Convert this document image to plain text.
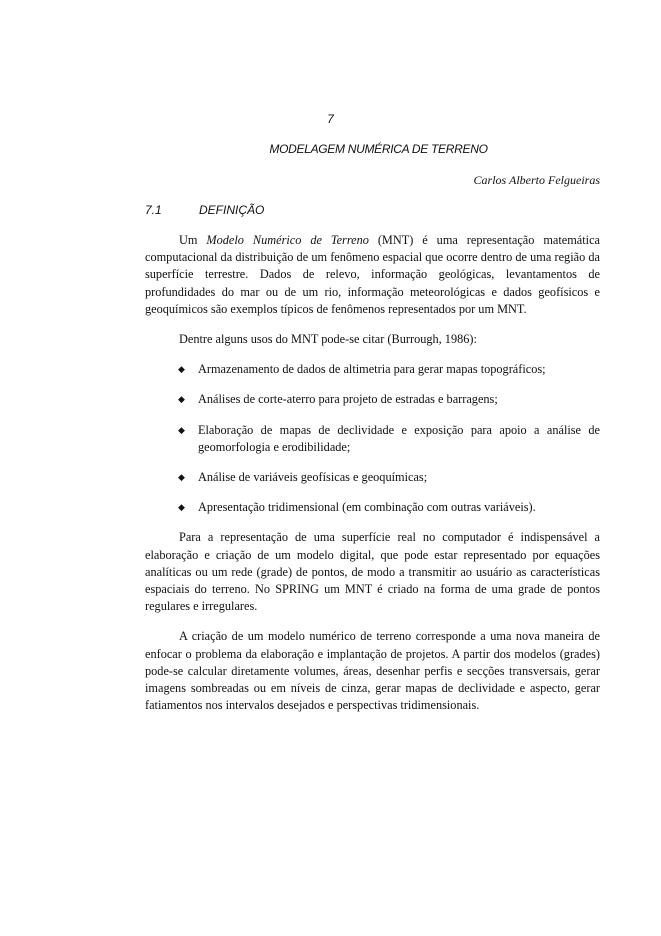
7
MODELAGEM NUMÉRICA DE TERRENO
Carlos Alberto Felgueiras
7.1	DEFINIÇÃO

Um Modelo Numérico de Terreno (MNT) é uma representação matemática computacional da distribuição de um fenômeno espacial que ocorre dentro de uma região da superfície terrestre. Dados de relevo, informação geológicas, levantamentos de profundidades do mar ou de um rio, informação meteorológicas e dados geofísicos e geoquímicos são exemplos típicos de fenômenos representados por um MNT.

Dentre alguns usos do MNT pode-se citar (Burrough, 1986):

◆ Armazenamento de dados de altimetria para gerar mapas topográficos;
◆ Análises de corte-aterro para projeto de estradas e barragens;
◆ Elaboração de mapas de declividade e exposição para apoio a análise de geomorfologia e erodibilidade;
◆ Análise de variáveis geofísicas e geoquímicas;
◆ Apresentação tridimensional (em combinação com outras variáveis).

Para a representação de uma superfície real no computador é indispensável a elaboração e criação de um modelo digital, que pode estar representado por equações analíticas ou um rede (grade) de pontos, de modo a transmitir ao usuário as características espaciais do terreno. No SPRING um MNT é criado na forma de uma grade de pontos regulares e irregulares.

A criação de um modelo numérico de terreno corresponde a uma nova maneira de enfocar o problema da elaboração e implantação de projetos. A partir dos modelos (grades) pode-se calcular diretamente volumes, áreas, desenhar perfis e secções transversais, gerar imagens sombreadas ou em níveis de cinza, gerar mapas de declividade e aspecto, gerar fatiamentos nos intervalos desejados e perspectivas tridimensionais.
